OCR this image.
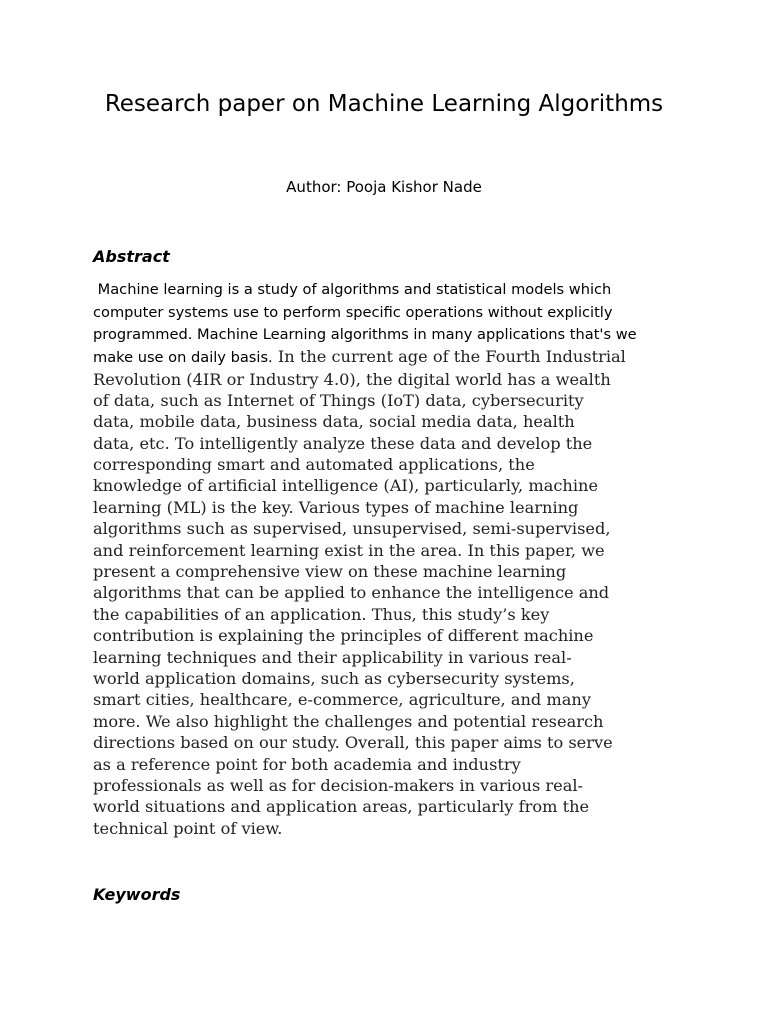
Research paper on Machine Learning Algorithms
Author: Pooja Kishor Nade
Abstract
Machine learning is a study of algorithms and statistical models which
computer systems use to perform specific operations without explicitly
programmed. Machine Learning algorithms in many applications that's we
make use on daily basis. In the current age of the Fourth Industrial
Revolution (4IR or Industry 4.0), the digital world has a wealth
of data, such as Internet of Things (IoT) data, cybersecurity
data, mobile data, business data, social media data, health
data, etc. To intelligently analyze these data and develop the
corresponding smart and automated applications, the
knowledge of artificial intelligence (AI), particularly, machine
learning (ML) is the key. Various types of machine learning
algorithms such as supervised, unsupervised, semi-supervised,
and reinforcement learning exist in the area. In this paper, we
present a comprehensive view on these machine learning
algorithms that can be applied to enhance the intelligence and
the capabilities of an application. Thus, this study’s key
contribution is explaining the principles of different machine
learning techniques and their applicability in various real-
world application domains, such as cybersecurity systems,
smart cities, healthcare, e-commerce, agriculture, and many
more. We also highlight the challenges and potential research
directions based on our study. Overall, this paper aims to serve
as a reference point for both academia and industry
professionals as well as for decision-makers in various real-
world situations and application areas, particularly from the
technical point of view.
Keywords
